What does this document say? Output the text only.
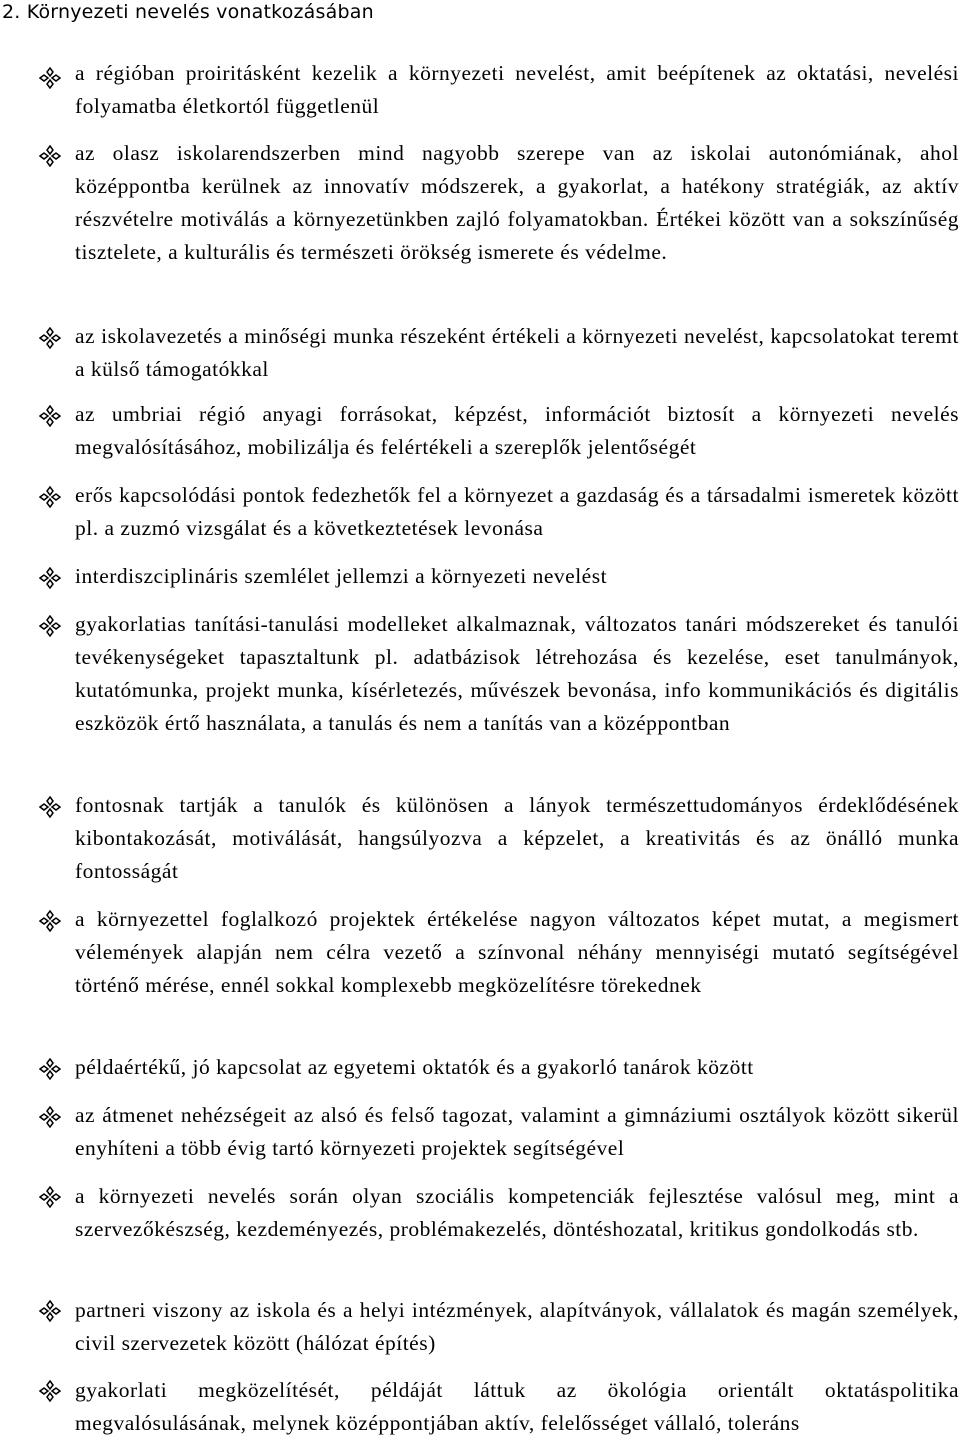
2. Környezeti nevelés vonatkozásában
a régióban proiritásként kezelik a környezeti nevelést, amit beépítenek az oktatási, nevelési folyamatba életkortól függetlenül
az olasz iskolarendszerben mind nagyobb szerepe van az iskolai autonómiának, ahol középpontba kerülnek az innovatív módszerek, a gyakorlat, a hatékony stratégiák, az aktív részvételre motiválás a környezetünkben zajló folyamatokban. Értékei között van a sokszínűség tisztelete, a kulturális és természeti örökség ismerete és védelme.
az iskolavezetés a minőségi munka részeként értékeli a környezeti nevelést, kapcsolatokat teremt a külső támogatókkal
az umbriai régió anyagi forrásokat, képzést, információt biztosít a környezeti nevelés megvalósításához, mobilizálja és felértékeli a szereplők jelentőségét
erős kapcsolódási pontok fedezhetők fel a környezet a gazdaság és a társadalmi ismeretek között pl. a zuzmó vizsgálat és a következtetések levonása
interdiszciplináris szemlélet jellemzi a környezeti nevelést
gyakorlatias tanítási-tanulási modelleket alkalmaznak, változatos tanári módszereket és tanulói tevékenységeket tapasztaltunk pl. adatbázisok létrehozása és kezelése, eset tanulmányok, kutatómunka, projekt munka, kísérletezés, művészek bevonása, info kommunikációs és digitális eszközök értő használata, a tanulás és nem a tanítás van a középpontban
fontosnak tartják a tanulók és különösen a lányok természettudományos érdeklődésének kibontakozását, motiválását, hangsúlyozva a képzelet, a kreativitás és az önálló munka fontosságát
a környezettel foglalkozó projektek értékelése nagyon változatos képet mutat, a megismert vélemények alapján nem célra vezető a színvonal néhány mennyiségi mutató segítségével történő mérése, ennél sokkal komplexebb megközelítésre törekednek
példaértékű, jó kapcsolat az egyetemi oktatók és a gyakorló tanárok között
az átmenet nehézségeit az alsó és felső tagozat, valamint a gimnáziumi osztályok között sikerül enyhíteni a több évig tartó környezeti projektek segítségével
a környezeti nevelés során olyan szociális kompetenciák fejlesztése valósul meg, mint a szervezőkészség, kezdeményezés, problémakezelés, döntéshozatal, kritikus gondolkodás stb.
partneri viszony az iskola és a helyi intézmények, alapítványok, vállalatok és magán személyek, civil szervezetek között (hálózat építés)
gyakorlati megközelítését, példáját láttuk az ökológia orientált oktatáspolitika megvalósulásának, melynek középpontjában aktív, felelősséget vállaló, toleráns
